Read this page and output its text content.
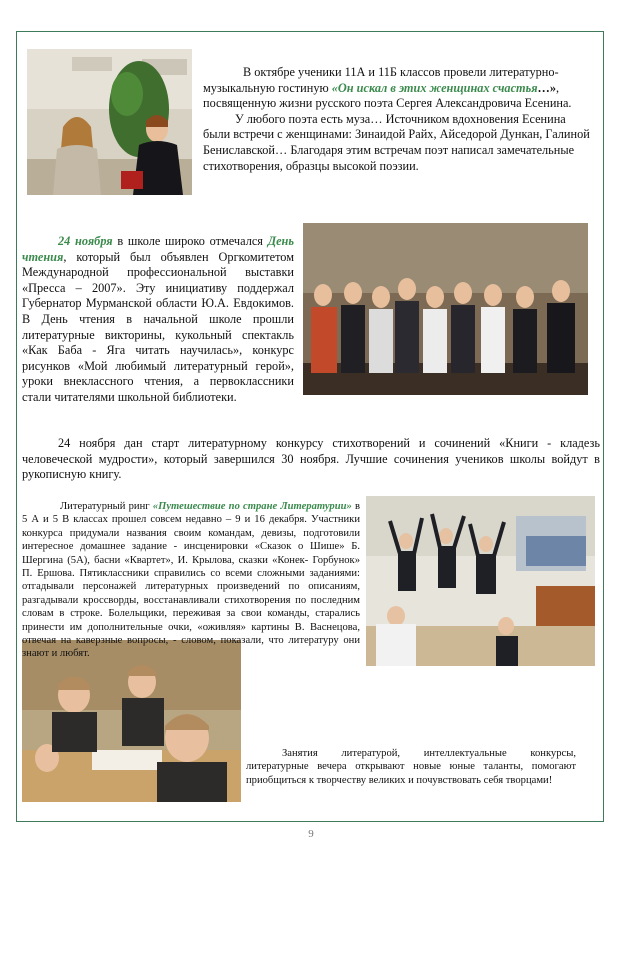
В октябре ученики 11А и 11Б классов провели литературно-музыкальную гостиную «Он искал в этих женщинах счастья…», посвященную жизни русского поэта Сергея Александровича Есенина.

У любого поэта есть муза… Источником вдохновения Есенина были встречи с женщинами: Зинаидой Райх, Айседорой Дункан, Галиной Бениславской… Благодаря этим встречам поэт написал замечательные стихотворения, образцы высокой поэзии.

24 ноября в школе широко отмечался День чтения, который был объявлен Оргкомитетом Международной профессиональной выставки «Пресса – 2007». Эту инициативу поддержал Губернатор Мурманской области Ю.А. Евдокимов. В День чтения в начальной школе прошли литературные викторины, кукольный спектакль «Как Баба - Яга читать научилась», конкурс рисунков «Мой любимый литературный герой», уроки внеклассного чтения, а первоклассники стали читателями школьной библиотеки.

24 ноября дан старт литературному конкурсу стихотворений и сочинений «Книги - кладезь человеческой мудрости», который завершился 30 ноября. Лучшие сочинения учеников школы войдут в рукописную книгу.

Литературный ринг «Путешествие по стране Литературии» в 5 А и 5 В классах прошел совсем недавно – 9 и 16 декабря. Участники конкурса придумали названия своим командам, девизы, подготовили интересное домашнее задание - инсценировки «Сказок о Шише» Б. Шергина (5А), басни «Квартет», И. Крылова, сказки «Конек- Горбунок» П. Ершова. Пятиклассники справились со всеми сложными заданиями: отгадывали персонажей литературных произведений по описаниям, разгадывали кроссворды, восстанавливали стихотворения по последним словам в строке. Болельщики, переживая за свои команды, старались принести им дополнительные очки, «оживляя» картины В. Васнецова, отвечая на каверзные вопросы, - словом, показали, что литературу они знают и любят.

Занятия литературой, интеллектуальные конкурсы, литературные вечера открывают новые юные таланты, помогают приобщиться к творчеству великих и почувствовать себя творцами!

9
